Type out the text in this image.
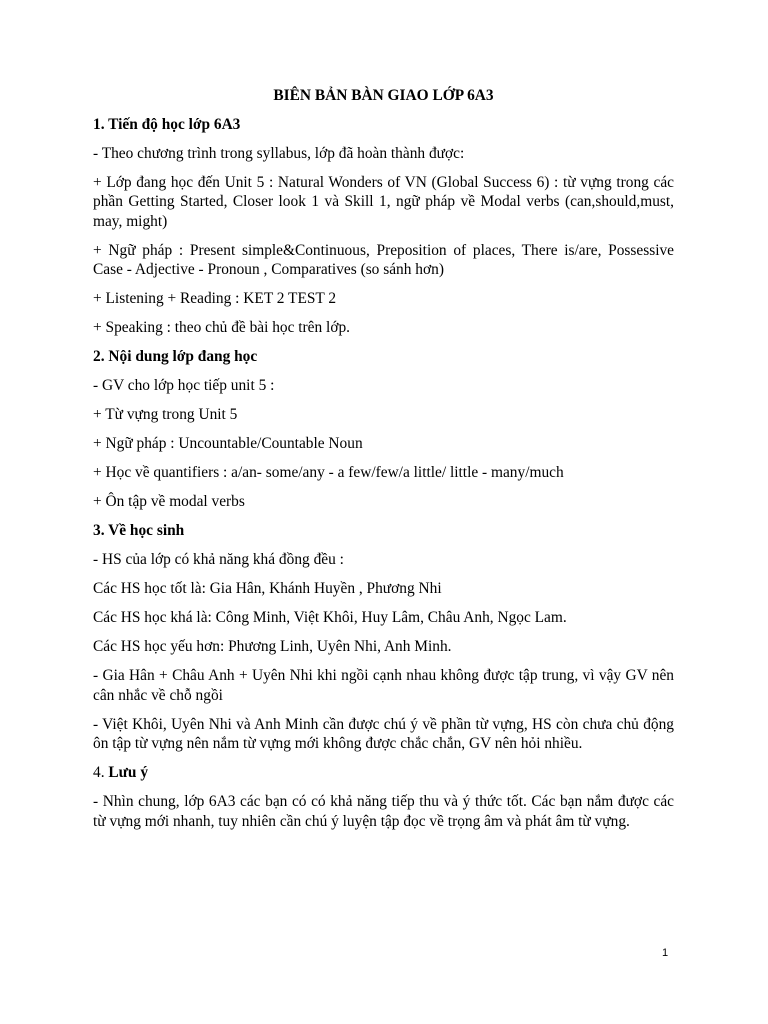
BIÊN BẢN BÀN GIAO LỚP 6A3
1. Tiến độ học lớp 6A3
- Theo chương trình trong syllabus, lớp đã hoàn thành được:
+ Lớp đang học đến Unit 5 : Natural Wonders of VN (Global Success 6) : từ vựng trong các phần Getting Started, Closer look 1 và Skill 1, ngữ pháp về Modal verbs (can,should,must, may, might)
+ Ngữ pháp : Present simple&Continuous, Preposition of places, There is/are, Possessive Case - Adjective - Pronoun , Comparatives (so sánh hơn)
+ Listening + Reading : KET 2 TEST 2
+ Speaking : theo chủ đề bài học trên lớp.
2. Nội dung lớp đang học
- GV cho lớp học tiếp unit 5 :
+ Từ vựng trong Unit 5
+ Ngữ pháp : Uncountable/Countable Noun
+ Học về quantifiers : a/an- some/any - a few/few/a little/ little - many/much
+ Ôn tập về modal verbs
3. Về học sinh
- HS của lớp có khả năng khá đồng đều :
Các HS học tốt là: Gia Hân, Khánh Huyền , Phương Nhi
Các HS học khá là: Công Minh, Việt Khôi, Huy Lâm, Châu Anh, Ngọc Lam.
Các HS học yếu hơn: Phương Linh, Uyên Nhi, Anh Minh.
- Gia Hân + Châu Anh + Uyên Nhi khi ngồi cạnh nhau không được tập trung, vì vậy GV nên cân nhắc về chỗ ngồi
- Việt Khôi, Uyên Nhi và Anh Minh cần được chú ý về phần từ vựng, HS còn chưa chủ động ôn tập từ vựng nên nắm từ vựng mới không được chắc chắn, GV nên hỏi nhiều.
4. Lưu ý
- Nhìn chung, lớp 6A3 các bạn có có khả năng tiếp thu và ý thức tốt. Các bạn nắm được các từ vựng mới nhanh, tuy nhiên cần chú ý luyện tập đọc về trọng âm và phát âm từ vựng.
1
